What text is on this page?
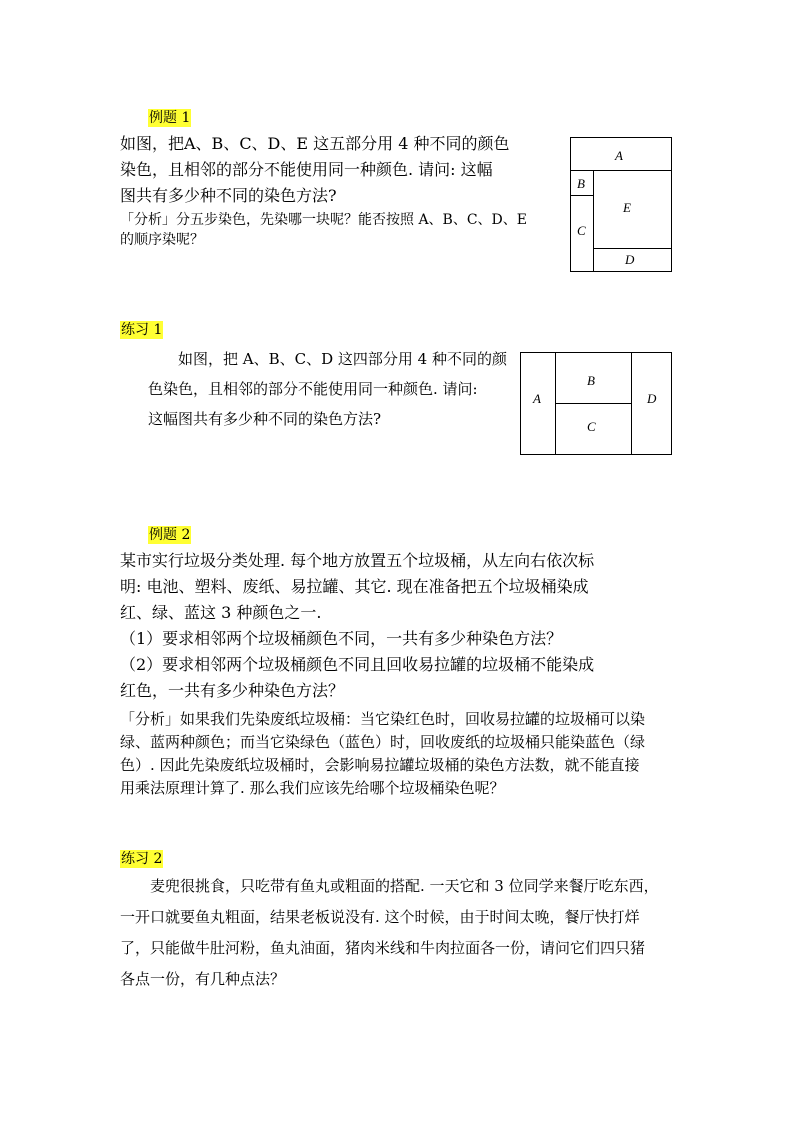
例题 1
如图，把A、B、C、D、E 这五部分用 4 种不同的颜色
染色，且相邻的部分不能使用同一种颜色. 请问: 这幅
图共有多少种不同的染色方法?
「分析」分五步染色，先染哪一块呢？能否按照 A、B、C、D、E
的顺序染呢？
A
B
C
D
E
练习 1
如图，把 A、B、C、D 这四部分用 4 种不同的颜
色染色，且相邻的部分不能使用同一种颜色. 请问:
这幅图共有多少种不同的染色方法?
A
B
C
D
例题 2
某市实行垃圾分类处理. 每个地方放置五个垃圾桶，从左向右依次标
明: 电池、塑料、废纸、易拉罐、其它. 现在准备把五个垃圾桶染成
红、绿、蓝这 3 种颜色之一.
（1）要求相邻两个垃圾桶颜色不同，一共有多少种染色方法？
（2）要求相邻两个垃圾桶颜色不同且回收易拉罐的垃圾桶不能染成
红色，一共有多少种染色方法？
「分析」如果我们先染废纸垃圾桶：当它染红色时，回收易拉罐的垃圾桶可以染
绿、蓝两种颜色；而当它染绿色（蓝色）时，回收废纸的垃圾桶只能染蓝色（绿
色）. 因此先染废纸垃圾桶时，会影响易拉罐垃圾桶的染色方法数，就不能直接
用乘法原理计算了. 那么我们应该先给哪个垃圾桶染色呢？
练习 2
麦兜很挑食，只吃带有鱼丸或粗面的搭配. 一天它和 3 位同学来餐厅吃东西，
一开口就要鱼丸粗面，结果老板说没有. 这个时候，由于时间太晚，餐厅快打烊
了，只能做牛肚河粉，鱼丸油面，猪肉米线和牛肉拉面各一份，请问它们四只猪
各点一份，有几种点法？
